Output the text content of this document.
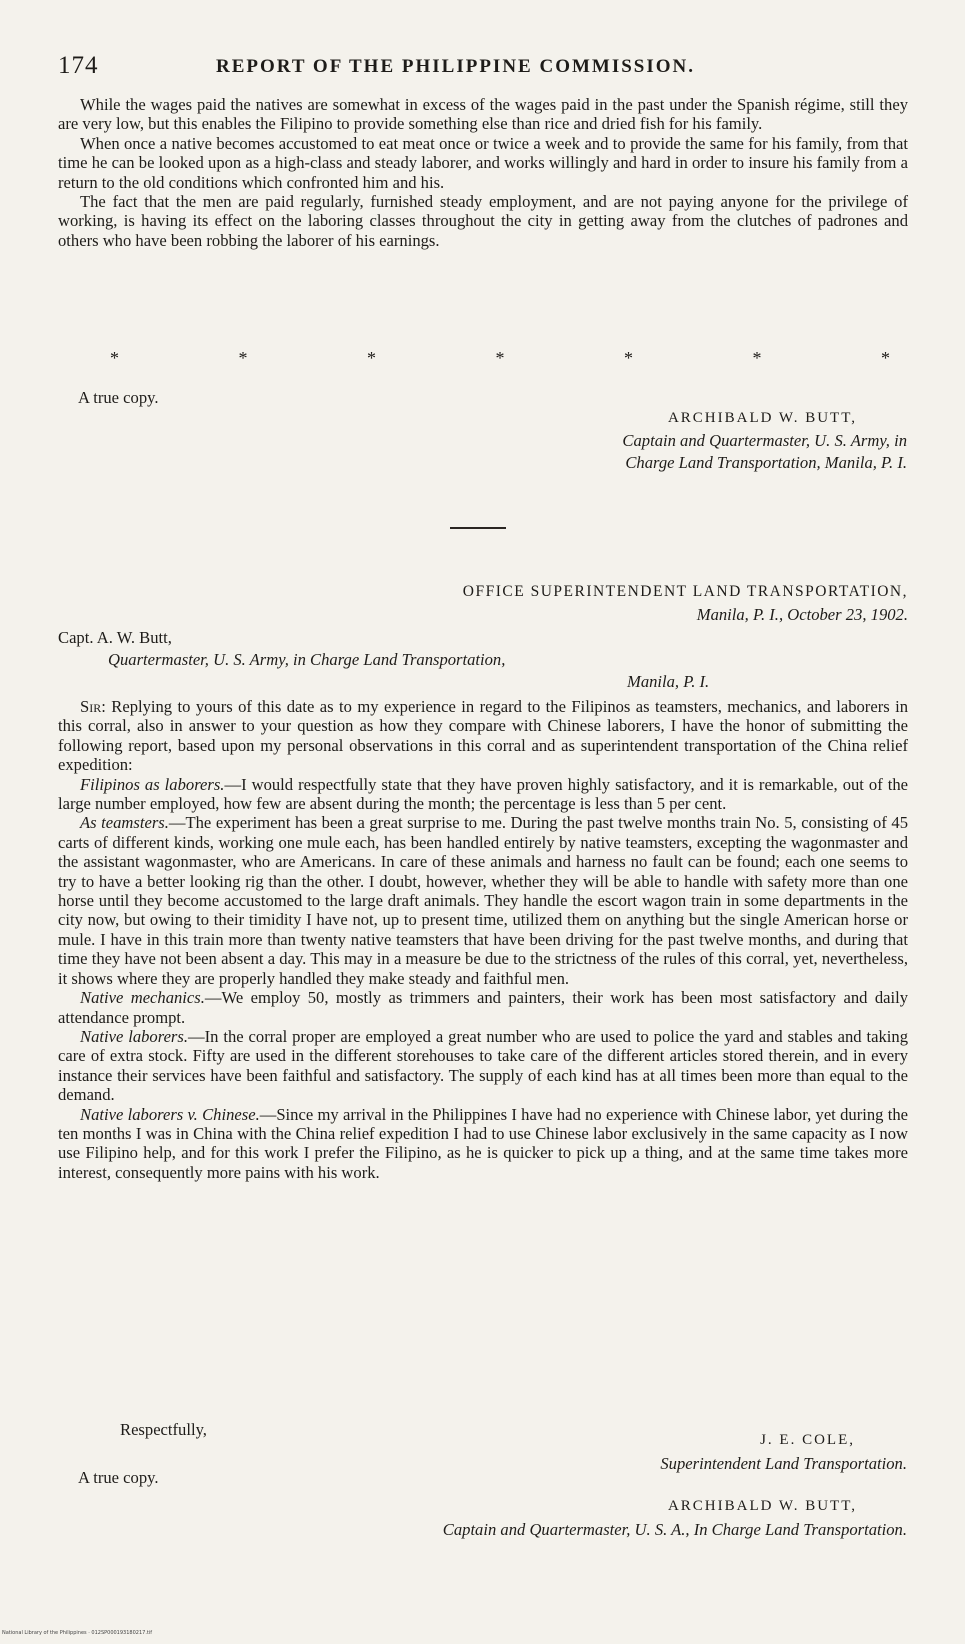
174	REPORT OF THE PHILIPPINE COMMISSION.

While the wages paid the natives are somewhat in excess of the wages paid in the past under the Spanish régime, still they are very low, but this enables the Filipino to provide something else than rice and dried fish for his family.

When once a native becomes accustomed to eat meat once or twice a week and to provide the same for his family, from that time he can be looked upon as a high-class and steady laborer, and works willingly and hard in order to insure his family from a return to the old conditions which confronted him and his.

The fact that the men are paid regularly, furnished steady employment, and are not paying anyone for the privilege of working, is having its effect on the laboring classes throughout the city in getting away from the clutches of padrones and others who have been robbing the laborer of his earnings.

*	*	*	*	*	*	*
A true copy.
ARCHIBALD W. BUTT,
Captain and Quartermaster, U. S. Army, in
Charge Land Transportation, Manila, P. I.
OFFICE SUPERINTENDENT LAND TRANSPORTATION,
Manila, P. I., October 23, 1902.
Capt. A. W. Butt,
Quartermaster, U. S. Army, in Charge Land Transportation,
Manila, P. I.

Sir: Replying to yours of this date as to my experience in regard to the Filipinos as teamsters, mechanics, and laborers in this corral, also in answer to your question as how they compare with Chinese laborers, I have the honor of submitting the following report, based upon my personal observations in this corral and as superintendent transportation of the China relief expedition:

Filipinos as laborers.—I would respectfully state that they have proven highly satisfactory, and it is remarkable, out of the large number employed, how few are absent during the month; the percentage is less than 5 per cent.

As teamsters.—The experiment has been a great surprise to me. During the past twelve months train No. 5, consisting of 45 carts of different kinds, working one mule each, has been handled entirely by native teamsters, excepting the wagonmaster and the assistant wagonmaster, who are Americans. In care of these animals and harness no fault can be found; each one seems to try to have a better looking rig than the other. I doubt, however, whether they will be able to handle with safety more than one horse until they become accustomed to the large draft animals. They handle the escort wagon train in some departments in the city now, but owing to their timidity I have not, up to present time, utilized them on anything but the single American horse or mule. I have in this train more than twenty native teamsters that have been driving for the past twelve months, and during that time they have not been absent a day. This may in a measure be due to the strictness of the rules of this corral, yet, nevertheless, it shows where they are properly handled they make steady and faithful men.

Native mechanics.—We employ 50, mostly as trimmers and painters, their work has been most satisfactory and daily attendance prompt.

Native laborers.—In the corral proper are employed a great number who are used to police the yard and stables and taking care of extra stock. Fifty are used in the different storehouses to take care of the different articles stored therein, and in every instance their services have been faithful and satisfactory. The supply of each kind has at all times been more than equal to the demand.

Native laborers v. Chinese.—Since my arrival in the Philippines I have had no experience with Chinese labor, yet during the ten months I was in China with the China relief expedition I had to use Chinese labor exclusively in the same capacity as I now use Filipino help, and for this work I prefer the Filipino, as he is quicker to pick up a thing, and at the same time takes more interest, consequently more pains with his work.

Respectfully,
J. E. COLE,
Superintendent Land Transportation.
A true copy.
ARCHIBALD W. BUTT,
Captain and Quartermaster, U. S. A., In Charge Land Transportation.
National Library of the Philippines · 012SP000193180217.tif
